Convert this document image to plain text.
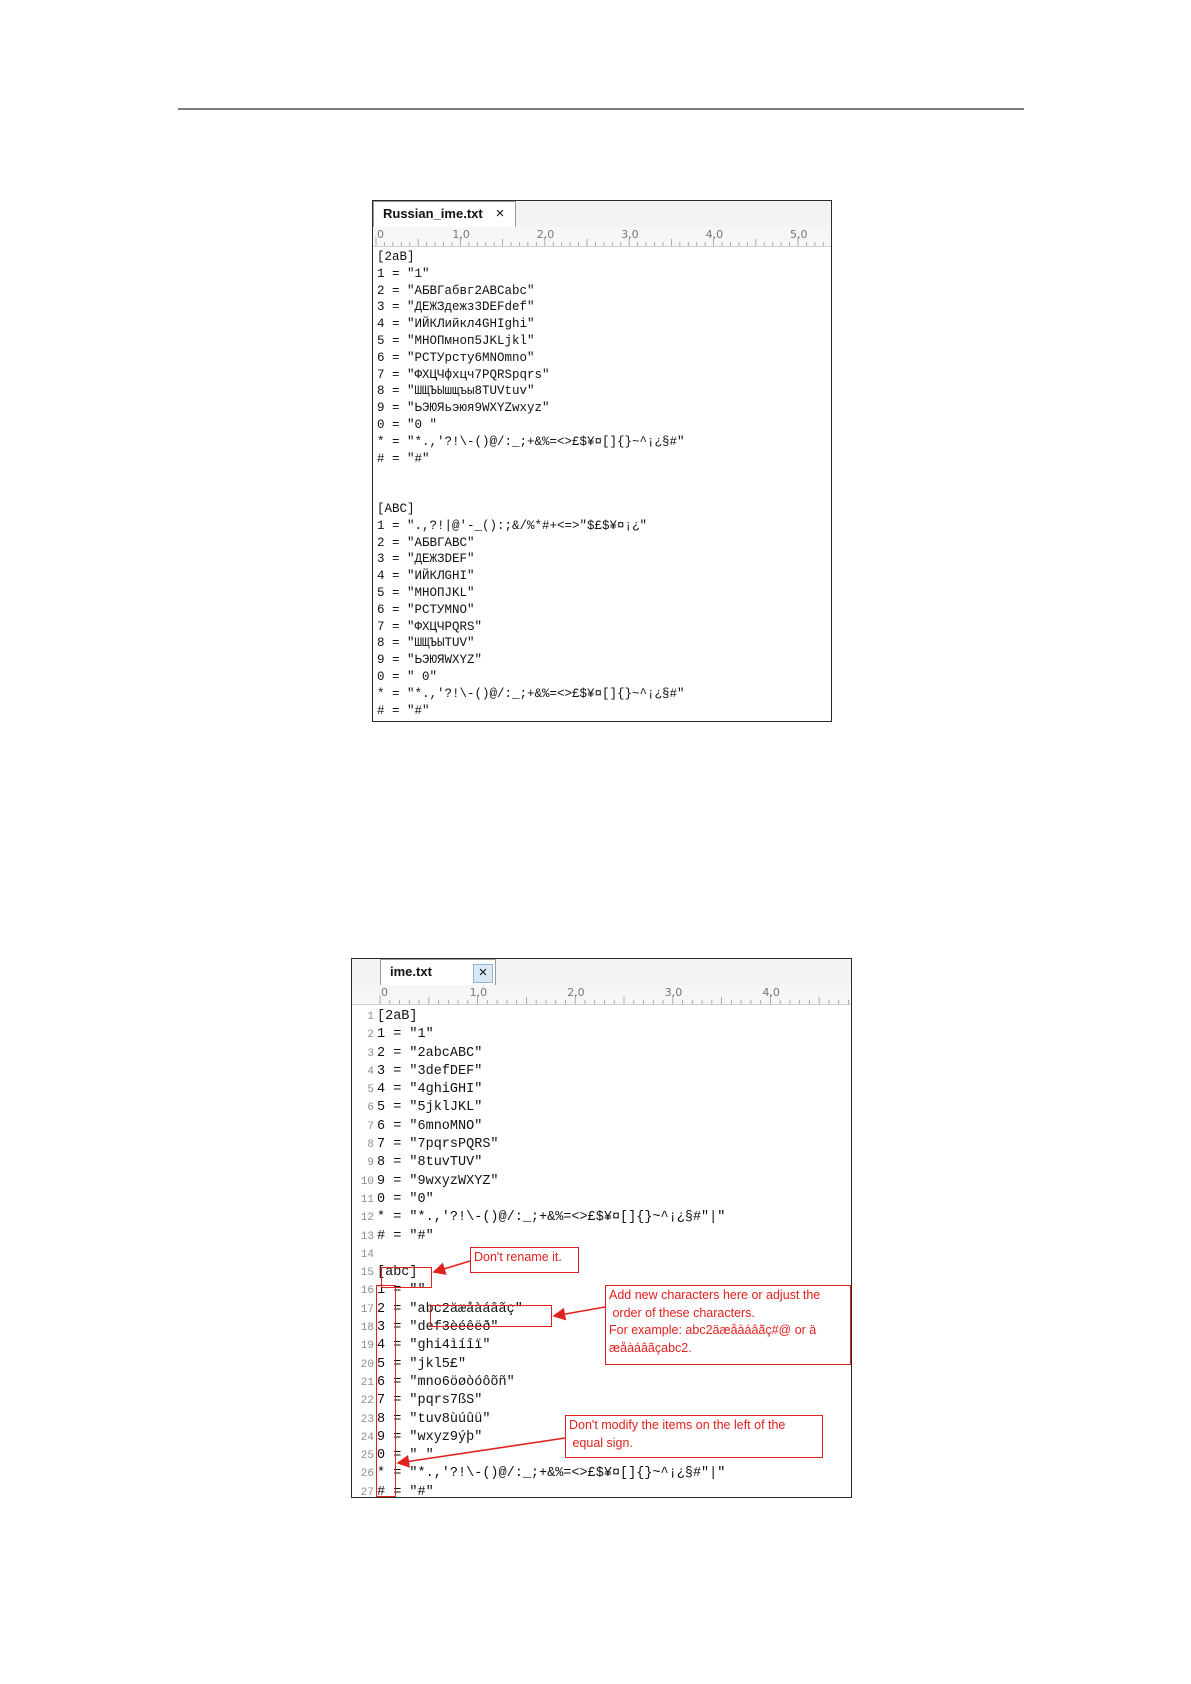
Russian_ime.txt ×
0	1,0	2,0	3,0	4,0	5,0
[2aB]
1 = "1"
2 = "АБВГабвг2ABCabc"
3 = "ДЕЖЗдежз3DEFdef"
4 = "ИЙКЛийкл4GHIghi"
5 = "МНОПмноп5JKLjkl"
6 = "РСТУрсту6MNOmno"
7 = "ФХЦЧфхцч7PQRSpqrs"
8 = "ШЩЪЫшщъы8TUVtuv"
9 = "ЬЭЮЯьэюя9WXYZwxyz"
0 = "0 "
* = "*.,'?!\-()@/:_;+&%=<>£$¥¤[]{}~^¡¿§#"
# = "#"
[ABC]
1 = ".,?!|@'-_():;&/%*#+<=>"$£$¥¤¡¿"
2 = "АБВГABC"
3 = "ДЕЖЗDEF"
4 = "ИЙКЛGHI"
5 = "МНОПJKL"
6 = "РСТУMNO"
7 = "ФХЦЧPQRS"
8 = "ШЩЪЫTUV"
9 = "ЬЭЮЯWXYZ"
0 = " 0"
* = "*.,'?!\-()@/:_;+&%=<>£$¥¤[]{}~^¡¿§#"
# = "#"
ime.txt	×
0	1,0	2,0	3,0	4,0
1 [2aB]
2 1 = "1"
3 2 = "2abcABC"
4 3 = "3defDEF"
5 4 = "4ghiGHI"
6 5 = "5jklJKL"
7 6 = "6mnoMNO"
8 7 = "7pqrsPQRS"
9 8 = "8tuvTUV"
10 9 = "9wxyzWXYZ"
11 0 = "0"
12 * = "*.,'?!\-()@/:_;+&%=<>£$¥¤[]{}~^¡¿§#"|"
13 # = "#"
14
15 [abc]
16 1 = ""
17 2 = "abc2äæåàáâãç"
18 3 = "def3èéêëð"
19 4 = "ghi4ìíîï"
20 5 = "jkl5£"
21 6 = "mno6öøòóôõñ"
22 7 = "pqrs7ßS"
23 8 = "tuv8ùúûü"
24 9 = "wxyz9ýþ"
25 0 = " "
26 * = "*.,'?!\-()@/:_;+&%=<>£$¥¤[]{}~^¡¿§#"|"
27 # = "#"
Don't rename it.
Add new characters here or adjust the
order of these characters.
For example: abc2äæåàáâãç#@ or ä
æåàáâãçabc2.
Don't modify the items on the left of the
equal sign.
